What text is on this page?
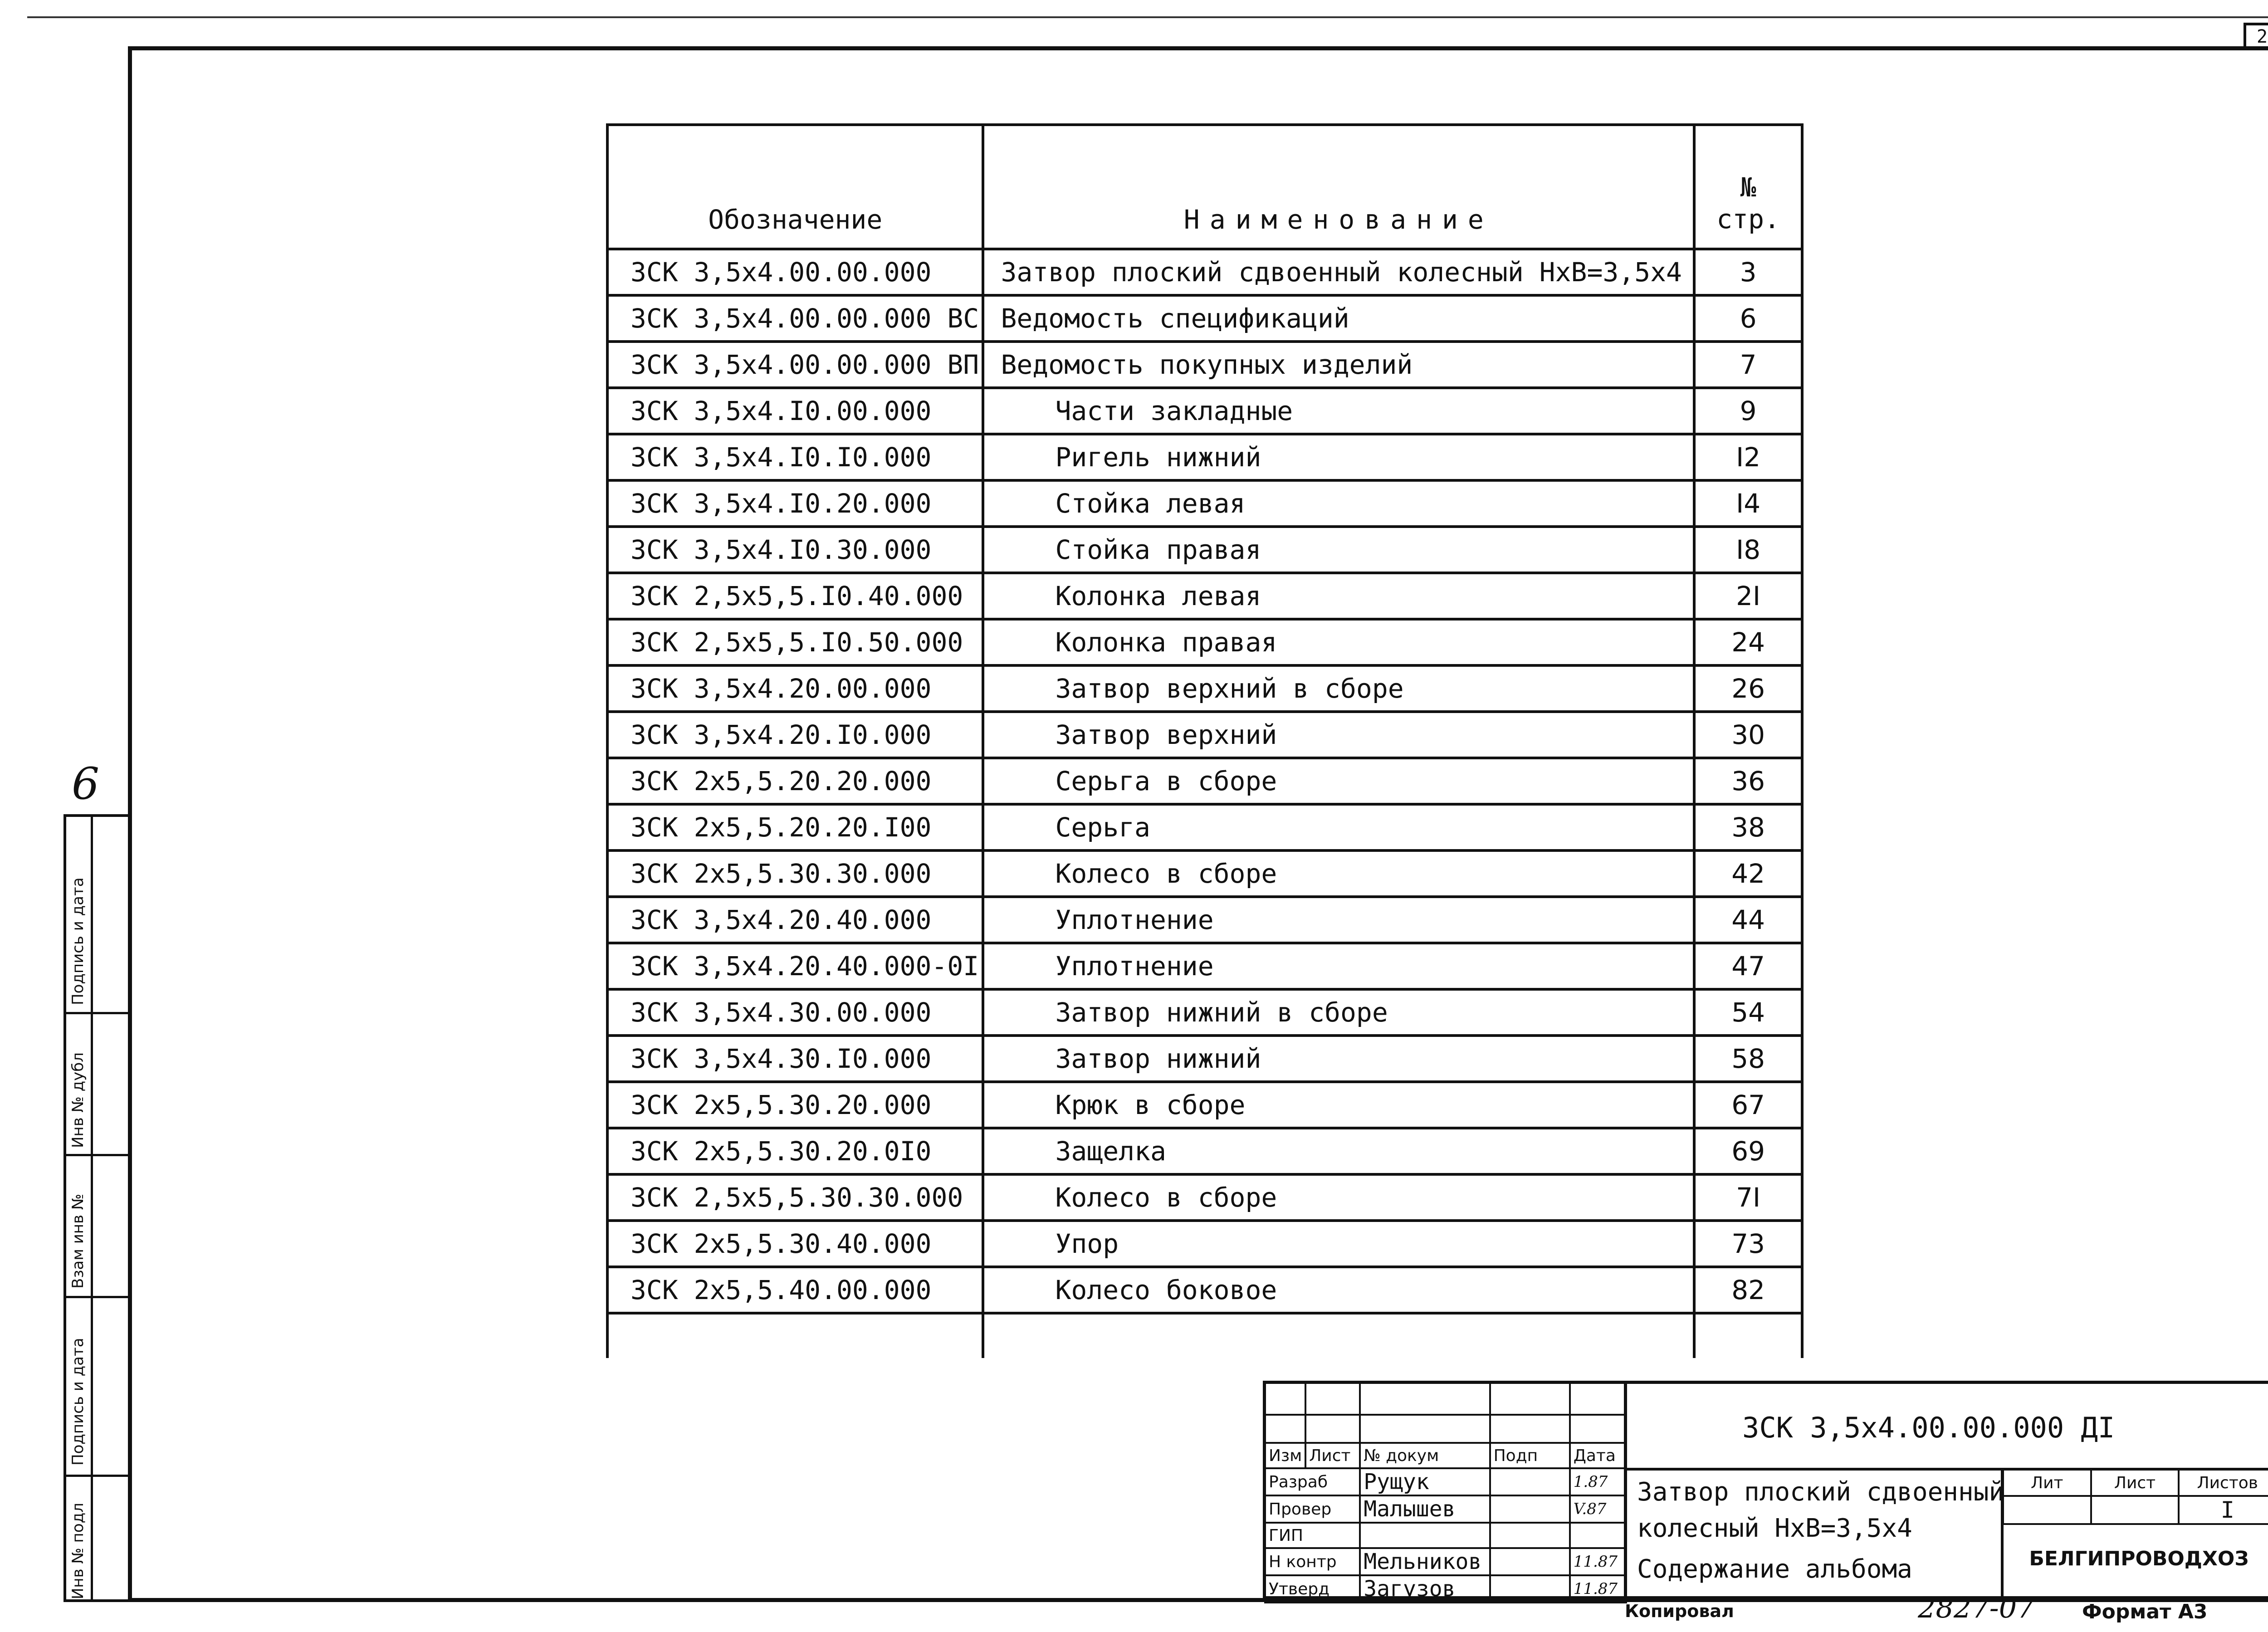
2
6
Инв № подл
Подпись и дата
Взам инв №
Инв № дубл
Подпись и дата
Обозначение	Наименование	№
стр.

ЗСК 3,5х4.00.00.000	Затвор плоский сдвоенный колесный НхВ=3,5х4	3
ЗСК 3,5х4.00.00.000 ВС	Ведомость спецификаций	6
ЗСК 3,5х4.00.00.000 ВП	Ведомость покупных изделий	7
ЗСК 3,5х4.I0.00.000	Части закладные	9
ЗСК 3,5х4.I0.I0.000	Ригель нижний	I2
ЗСК 3,5х4.I0.20.000	Стойка левая	I4
ЗСК 3,5х4.I0.30.000	Стойка правая	I8
ЗСК 2,5х5,5.I0.40.000	Колонка левая	2I
ЗСК 2,5х5,5.I0.50.000	Колонка правая	24
ЗСК 3,5х4.20.00.000	Затвор верхний в сборе	26
ЗСК 3,5х4.20.I0.000	Затвор верхний	30
ЗСК 2х5,5.20.20.000	Серьга в сборе	36
ЗСК 2х5,5.20.20.I00	Серьга	38
ЗСК 2х5,5.30.30.000	Колесо в сборе	42
ЗСК 3,5х4.20.40.000	Уплотнение	44
ЗСК 3,5х4.20.40.000-0I	Уплотнение	47
ЗСК 3,5х4.30.00.000	Затвор нижний в сборе	54
ЗСК 3,5х4.30.I0.000	Затвор нижний	58
ЗСК 2х5,5.30.20.000	Крюк в сборе	67
ЗСК 2х5,5.30.20.0I0	Защелка	69
ЗСК 2,5х5,5.30.30.000	Колесо в сборе	7I
ЗСК 2х5,5.30.40.000	Упор	73
ЗСК 2х5,5.40.00.000	Колесо боковое	82

Изм	Лист	№ докум	Подп	Дата
Разраб		Рущук		1.87
Провер		Малышев		V.87
ГИП				
Н контр		Мельников		11.87
Утверд		Загузов		11.87
ЗСК 3,5х4.00.00.000 ДI
Затвор плоский сдвоенный
колесный НхВ=3,5х4
Содержание альбома
Лит	Лист	Листов
		I
БЕЛГИПРОВОДХОЗ
Копировал	2827-07 Формат А3
